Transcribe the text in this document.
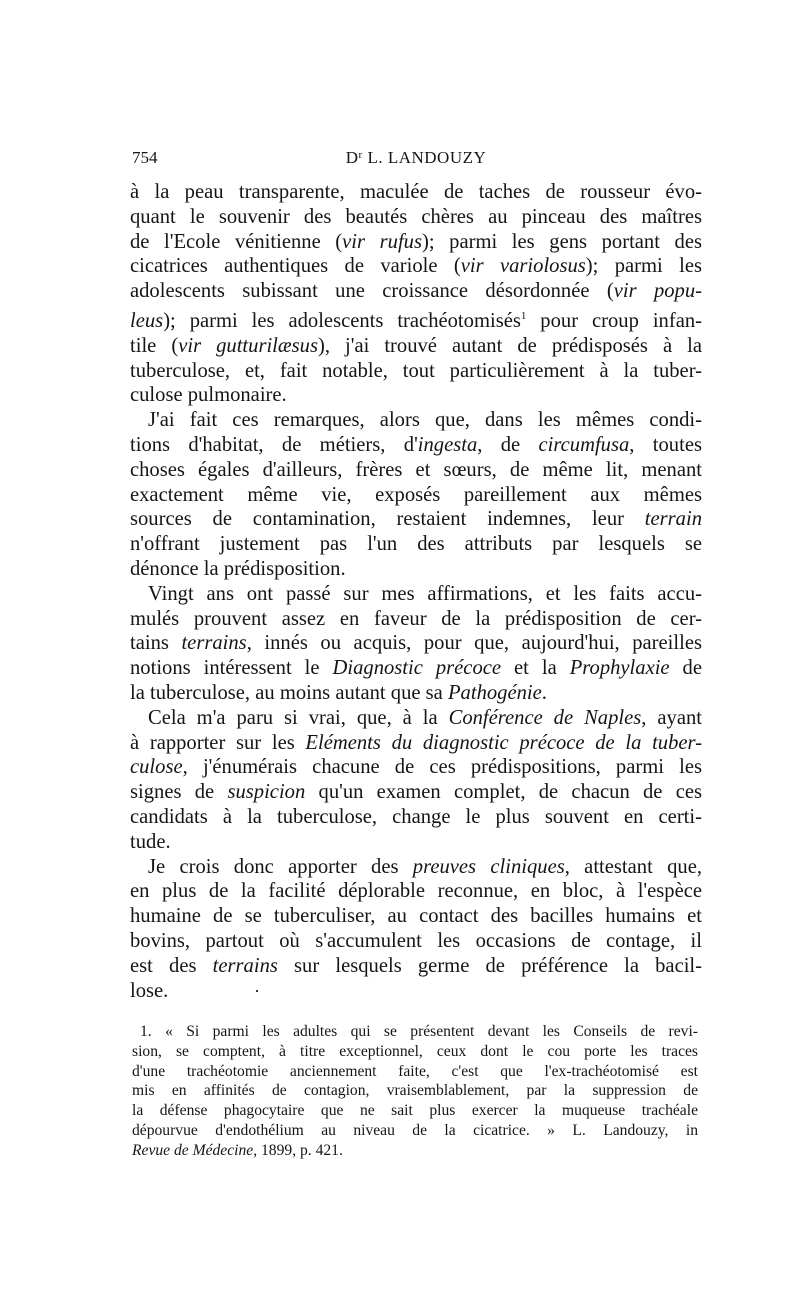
754	$D^r$ L. LANDOUZY
à la peau transparente, maculée de taches de rousseur évo-
quant le souvenir des beautés chères au pinceau des maîtres
de l'Ecole vénitienne (vir rufus); parmi les gens portant des
cicatrices authentiques de variole (vir variolosus); parmi les
adolescents subissant une croissance désordonnée (vir popu-
leus); parmi les adolescents trachéotomisés$^1$ pour croup infan-
tile (vir gutturilæsus), j'ai trouvé autant de prédisposés à la
tuberculose, et, fait notable, tout particulièrement à la tuber-
culose pulmonaire.
J'ai fait ces remarques, alors que, dans les mêmes condi-
tions d'habitat, de métiers, d'ingesta, de circumfusa, toutes
choses égales d'ailleurs, frères et sœurs, de même lit, menant
exactement même vie, exposés pareillement aux mêmes
sources de contamination, restaient indemnes, leur terrain
n'offrant justement pas l'un des attributs par lesquels se
dénonce la prédisposition.
Vingt ans ont passé sur mes affirmations, et les faits accu-
mulés prouvent assez en faveur de la prédisposition de cer-
tains terrains, innés ou acquis, pour que, aujourd'hui, pareilles
notions intéressent le Diagnostic précoce et la Prophylaxie de
la tuberculose, au moins autant que sa Pathogénie.
Cela m'a paru si vrai, que, à la Conférence de Naples, ayant
à rapporter sur les Eléments du diagnostic précoce de la tuber-
culose, j'énumérais chacune de ces prédispositions, parmi les
signes de suspicion qu'un examen complet, de chacun de ces
candidats à la tuberculose, change le plus souvent en certi-
tude.
Je crois donc apporter des preuves cliniques, attestant que,
en plus de la facilité déplorable reconnue, en bloc, à l'espèce
humaine de se tuberculiser, au contact des bacilles humains et
bovins, partout où s'accumulent les occasions de contage, il
est des terrains sur lesquels germe de préférence la bacil-
lose.	·
1. « Si parmi les adultes qui se présentent devant les Conseils de revi-
sion, se comptent, à titre exceptionnel, ceux dont le cou porte les traces
d'une trachéotomie anciennement faite, c'est que l'ex-trachéotomisé est
mis en affinités de contagion, vraisemblablement, par la suppression de
la défense phagocytaire que ne sait plus exercer la muqueuse trachéale
dépourvue d'endothélium au niveau de la cicatrice. » L. Landouzy, in
Revue de Médecine, 1899, p. 421.
